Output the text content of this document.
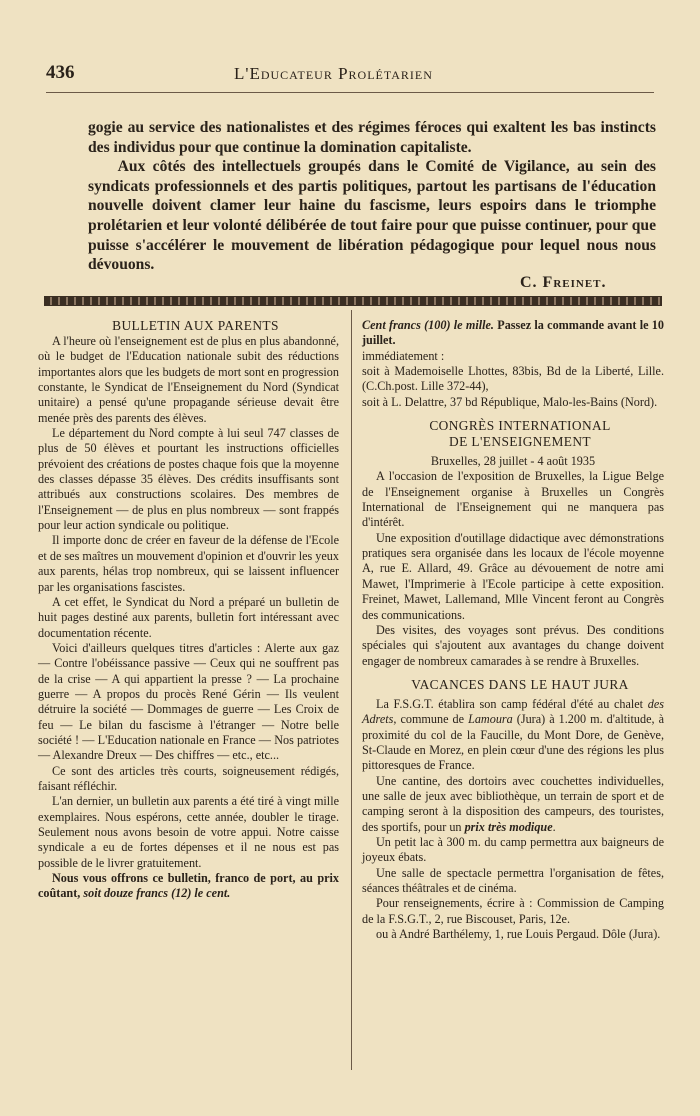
436	L'Educateur Prolétarien

gogie au service des nationalistes et des régimes féroces qui exaltent les bas instincts des individus pour que continue la domination capitaliste.

Aux côtés des intellectuels groupés dans le Comité de Vigilance, au sein des syndicats professionnels et des partis politiques, partout les partisans de l'éducation nouvelle doivent clamer leur haine du fascisme, leurs espoirs dans le triomphe prolétarien et leur volonté délibérée de tout faire pour que puisse continuer, pour que puisse s'accélérer le mouvement de libération pédagogique pour lequel nous nous dévouons.

C. Freinet.

BULLETIN AUX PARENTS

A l'heure où l'enseignement est de plus en plus abandonné, où le budget de l'Education nationale subit des réductions importantes alors que les budgets de mort sont en progression constante, le Syndicat de l'Enseignement du Nord (Syndicat unitaire) a pensé qu'une propagande sérieuse devait être menée près des parents des élèves.

Le département du Nord compte à lui seul 747 classes de plus de 50 élèves et pourtant les instructions officielles prévoient des créations de postes chaque fois que la moyenne des classes dépasse 35 élèves. Des crédits insuffisants sont attribués aux constructions scolaires. Des membres de l'Enseignement — de plus en plus nombreux — sont frappés pour leur action syndicale ou politique.

Il importe donc de créer en faveur de la défense de l'Ecole et de ses maîtres un mouvement d'opinion et d'ouvrir les yeux aux parents, hélas trop nombreux, qui se laissent influencer par les organisations fascistes.

A cet effet, le Syndicat du Nord a préparé un bulletin de huit pages destiné aux parents, bulletin fort intéressant avec documentation récente.

Voici d'ailleurs quelques titres d'articles : Alerte aux gaz — Contre l'obéissance passive — Ceux qui ne souffrent pas de la crise — A qui appartient la presse ? — La prochaine guerre — A propos du procès René Gérin — Ils veulent détruire la société — Dommages de guerre — Les Croix de feu — Le bilan du fascisme à l'étranger — Notre belle société ! — L'Education nationale en France — Nos patriotes — Alexandre Dreux — Des chiffres — etc., etc...

Ce sont des articles très courts, soigneusement rédigés, faisant réfléchir.

L'an dernier, un bulletin aux parents a été tiré à vingt mille exemplaires. Nous espérons, cette année, doubler le tirage. Seulement nous avons besoin de votre appui. Notre caisse syndicale a eu de fortes dépenses et il ne nous est pas possible de le livrer gratuitement.

Nous vous offrons ce bulletin, franco de port, au prix coûtant, soit douze francs (12) le cent.

Cent francs (100) le mille. Passez la commande avant le 10 juillet.

immédiatement :

soit à Mademoiselle Lhottes, 83bis, Bd de la Liberté, Lille. (C.Ch.post. Lille 372-44),

soit à L. Delattre, 37 bd République, Malo-les-Bains (Nord).

CONGRÈS INTERNATIONAL

DE L'ENSEIGNEMENT

Bruxelles, 28 juillet - 4 août 1935

A l'occasion de l'exposition de Bruxelles, la Ligue Belge de l'Enseignement organise à Bruxelles un Congrès International de l'Enseignement qui ne manquera pas d'intérêt.

Une exposition d'outillage didactique avec démonstrations pratiques sera organisée dans les locaux de l'école moyenne A, rue E. Allard, 49. Grâce au dévouement de notre ami Mawet, l'Imprimerie à l'Ecole participe à cette exposition. Freinet, Mawet, Lallemand, Mlle Vincent feront au Congrès des communications.

Des visites, des voyages sont prévus. Des conditions spéciales qui s'ajoutent aux avantages du change doivent engager de nombreux camarades à se rendre à Bruxelles.

VACANCES DANS LE HAUT JURA

La F.S.G.T. établira son camp fédéral d'été au chalet des Adrets, commune de Lamoura (Jura) à 1.200 m. d'altitude, à proximité du col de la Faucille, du Mont Dore, de Genève, St-Claude en Morez, en plein cœur d'une des régions les plus pittoresques de France.

Une cantine, des dortoirs avec couchettes individuelles, une salle de jeux avec bibliothèque, un terrain de sport et de camping seront à la disposition des campeurs, des touristes, des sportifs, pour un prix très modique.

Un petit lac à 300 m. du camp permettra aux baigneurs de joyeux ébats.

Une salle de spectacle permettra l'organisation de fêtes, séances théâtrales et de cinéma.

Pour renseignements, écrire à : Commission de Camping de la F.S.G.T., 2, rue Biscouset, Paris, 12e.

ou à André Barthélemy, 1, rue Louis Pergaud. Dôle (Jura).
